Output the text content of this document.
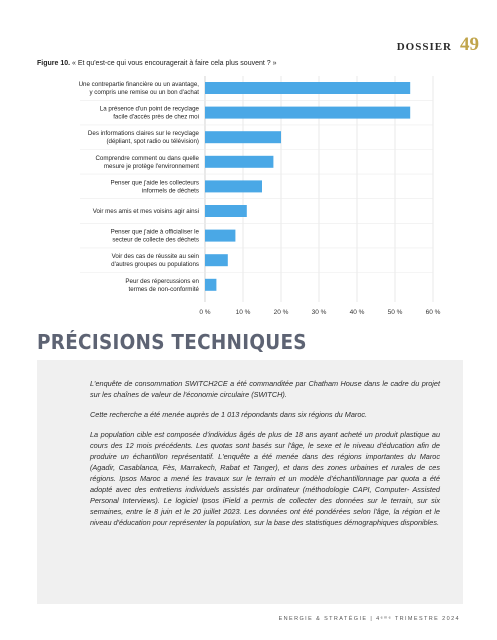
DOSSIER 49
Figure 10. « Et qu'est-ce qui vous encouragerait à faire cela plus souvent ? »
0 %	10 %	20 %	30 %	40 %	50 %	60 %
Une contrepartie financière ou un avantage, y compris une remise ou un bon d'achat
La présence d'un point de recyclage facile d'accès près de chez moi
Des informations claires sur le recyclage (dépliant, spot radio ou télévision)
Comprendre comment ou dans quelle mesure je protège l'environnement
Penser que j'aide les collecteurs informels de déchets
Voir mes amis et mes voisins agir ainsi
Penser que j'aide à officialiser le secteur de collecte des déchets
Voir des cas de réussite au sein d'autres groupes ou populations
Peur des répercussions en termes de non-conformité
PRÉCISIONS TECHNIQUES

L'enquête de consommation SWITCH2CE a été commanditée par Chatham House dans le cadre du projet sur les chaînes de valeur de l'économie circulaire (SWITCH).

Cette recherche a été menée auprès de 1 013 répondants dans six régions du Maroc.

La population cible est composée d'individus âgés de plus de 18 ans ayant acheté un produit plastique au cours des 12 mois précédents. Les quotas sont basés sur l'âge, le sexe et le niveau d'éducation afin de produire un échantillon représentatif. L'enquête a été menée dans des régions importantes du Maroc (Agadir, Casablanca, Fès, Marrakech, Rabat et Tanger), et dans des zones urbaines et rurales de ces régions. Ipsos Maroc a mené les travaux sur le terrain et un modèle d'échantillonnage par quota a été adopté avec des entretiens individuels assistés par ordinateur (méthodologie CAPI, Computer- Assisted Personal Interviews). Le logiciel Ipsos iField a permis de collecter des données sur le terrain, sur six semaines, entre le 8 juin et le 20 juillet 2023. Les données ont été pondérées selon l'âge, la région et le niveau d'éducation pour représenter la population, sur la base des statistiques démographiques disponibles.

ENERGIE & STRATÉGIE | 4ᵉᵐᵉ TRIMESTRE 2024
